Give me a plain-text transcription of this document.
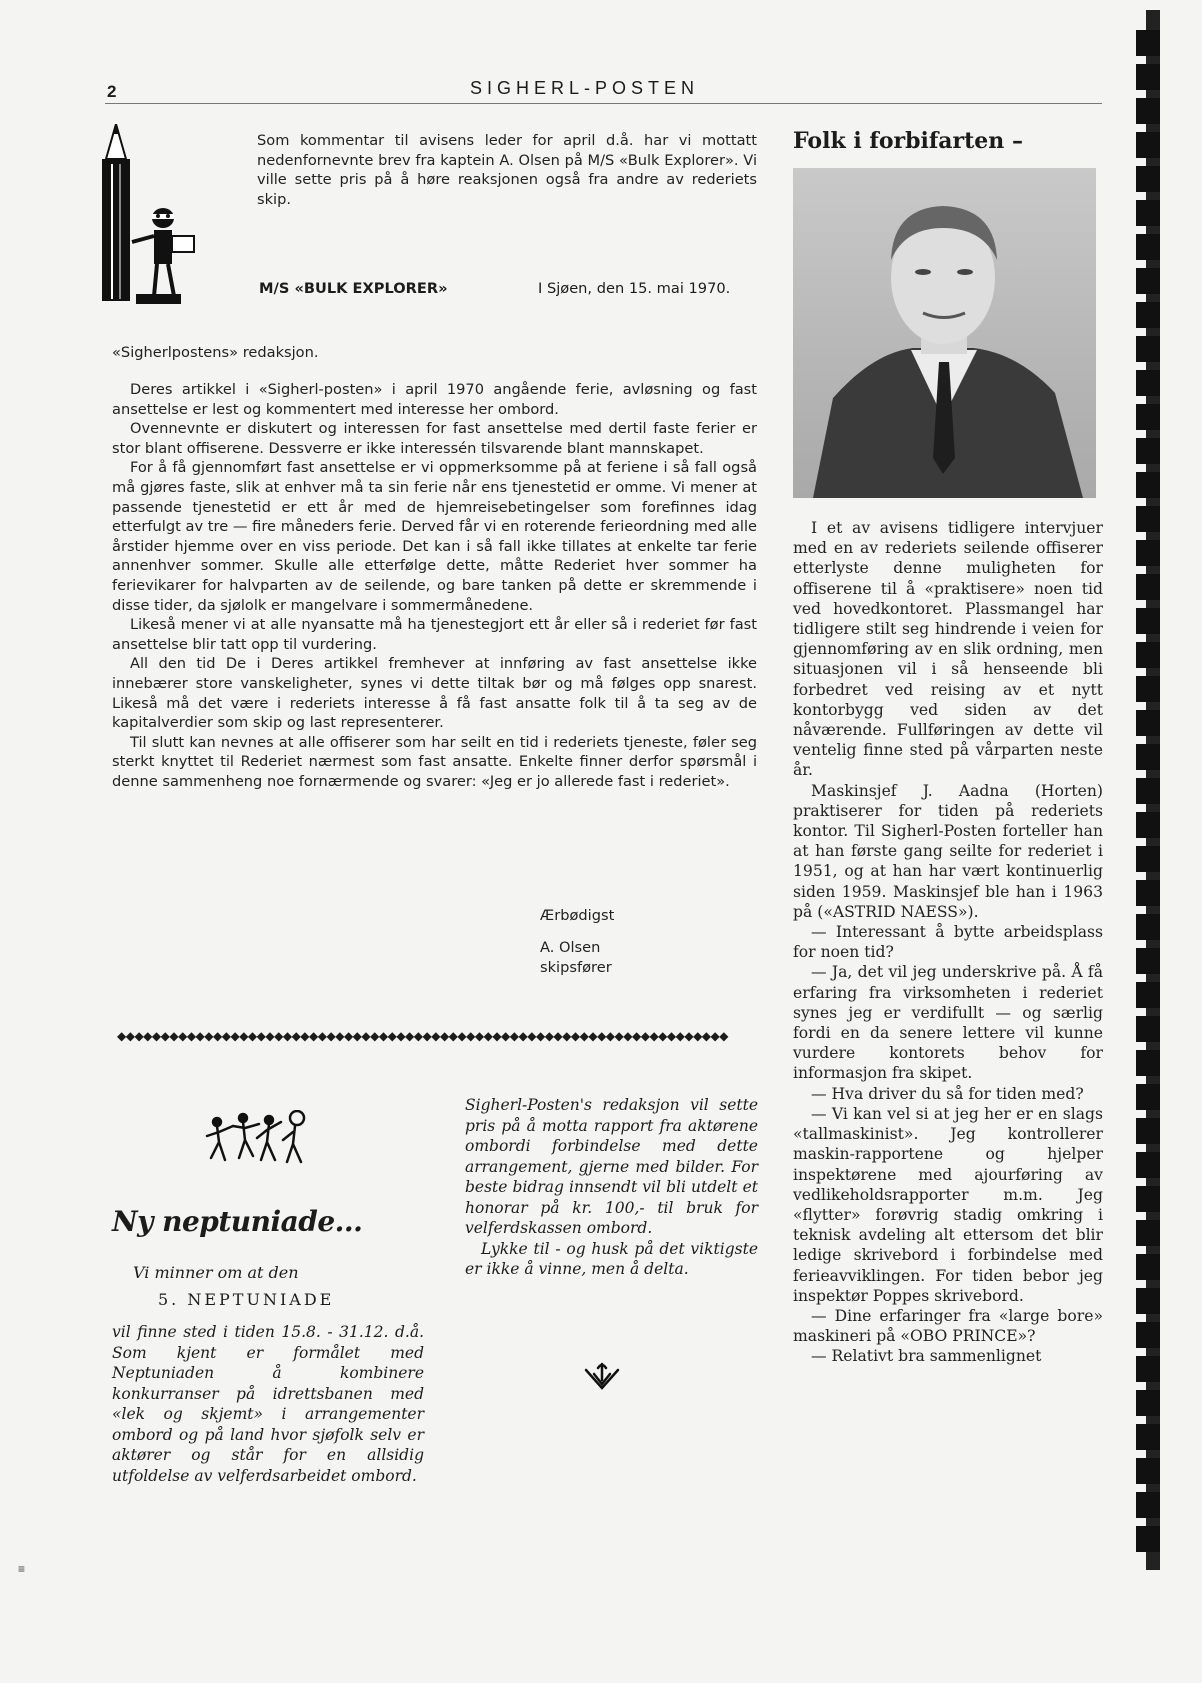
2	SIGHERL-POSTEN
Som kommentar til avisens leder for april d.å. har vi mottatt nedenfornevnte brev fra kaptein A. Olsen på M/S «Bulk Explorer». Vi ville sette pris på å høre reaksjonen også fra andre av rederiets skip.
M/S «BULK EXPLORER»	I Sjøen, den 15. mai 1970.
«Sigherlpostens» redaksjon.

Deres artikkel i «Sigherl-posten» i april 1970 angående ferie, avløsning og fast ansettelse er lest og kommentert med interesse her ombord.

Ovennevnte er diskutert og interessen for fast ansettelse med dertil faste ferier er stor blant offiserene. Dessverre er ikke interessén tilsvarende blant mannskapet.

For å få gjennomført fast ansettelse er vi oppmerksomme på at feriene i så fall også må gjøres faste, slik at enhver må ta sin ferie når ens tjenestetid er omme. Vi mener at passende tjenestetid er ett år med de hjemreisebetingelser som forefinnes idag etterfulgt av tre — fire måneders ferie. Derved får vi en roterende ferieordning med alle årstider hjemme over en viss periode. Det kan i så fall ikke tillates at enkelte tar ferie annenhver sommer. Skulle alle etterfølge dette, måtte Rederiet hver sommer ha ferievikarer for halvparten av de seilende, og bare tanken på dette er skremmende i disse tider, da sjølolk er mangelvare i sommermånedene.

Likeså mener vi at alle nyansatte må ha tjenestegjort ett år eller så i rederiet før fast ansettelse blir tatt opp til vurdering.

All den tid De i Deres artikkel fremhever at innføring av fast ansettelse ikke innebærer store vanskeligheter, synes vi dette tiltak bør og må følges opp snarest. Likeså må det være i rederiets interesse å få fast ansatte folk til å ta seg av de kapitalverdier som skip og last representerer.

Til slutt kan nevnes at alle offiserer som har seilt en tid i rederiets tjeneste, føler seg sterkt knyttet til Rederiet nærmest som fast ansatte. Enkelte finner derfor spørsmål i denne sammenheng noe fornærmende og svarer: «Jeg er jo allerede fast i rederiet».

Ærbødigst
A. Olsen
skipsfører
◆◆◆◆◆◆◆◆◆◆◆◆◆◆◆◆◆◆◆◆◆◆◆◆◆◆◆◆◆◆◆◆◆◆◆◆◆◆◆◆◆◆◆◆◆◆◆◆◆◆◆◆◆◆◆◆◆◆◆◆◆◆◆◆◆◆◆◆◆◆
Ny neptuniade...
Vi minner om at den
5. NEPTUNIADE
vil finne sted i tiden 15.8. - 31.12. d.å. Som kjent er formålet med Neptuniaden å kombinere konkurranser på idrettsbanen med «lek og skjemt» i arrangementer ombord og på land hvor sjøfolk selv er aktører og står for en allsidig utfoldelse av velferdsarbeidet ombord.

Sigherl-Posten's redaksjon vil sette pris på å motta rapport fra aktørene ombordi forbindelse med dette arrangement, gjerne med bilder. For beste bidrag innsendt vil bli utdelt et honorar på kr. 100,- til bruk for velferdskassen ombord.

Lykke til - og husk på det viktigste er ikke å vinne, men å delta.

Folk i forbifarten –

I et av avisens tidligere intervjuer med en av rederiets seilende offiserer etterlyste denne muligheten for offiserene til å «praktisere» noen tid ved hovedkontoret. Plassmangel har tidligere stilt seg hindrende i veien for gjennomføring av en slik ordning, men situasjonen vil i så henseende bli forbedret ved reising av et nytt kontorbygg ved siden av det nåværende. Fullføringen av dette vil ventelig finne sted på vårparten neste år.

Maskinsjef J. Aadna (Horten) praktiserer for tiden på rederiets kontor. Til Sigherl-Posten forteller han at han første gang seilte for rederiet i 1951, og at han har vært kontinuerlig siden 1959. Maskinsjef ble han i 1963 på («ASTRID NAESS»).

— Interessant å bytte arbeidsplass for noen tid?

— Ja, det vil jeg underskrive på. Å få erfaring fra virksomheten i rederiet synes jeg er verdifullt — og særlig fordi en da senere lettere vil kunne vurdere kontorets behov for informasjon fra skipet.

— Hva driver du så for tiden med?

— Vi kan vel si at jeg her er en slags «tallmaskinist». Jeg kontrollerer maskin-rapportene og hjelper inspektørene med ajourføring av vedlikeholdsrapporter m.m. Jeg «flytter» forøvrig stadig omkring i teknisk avdeling alt ettersom det blir ledige skrivebord i forbindelse med ferieavviklingen. For tiden bebor jeg inspektør Poppes skrivebord.

— Dine erfaringer fra «large bore» maskineri på «OBO PRINCE»?

— Relativt bra sammenlignet

≡
